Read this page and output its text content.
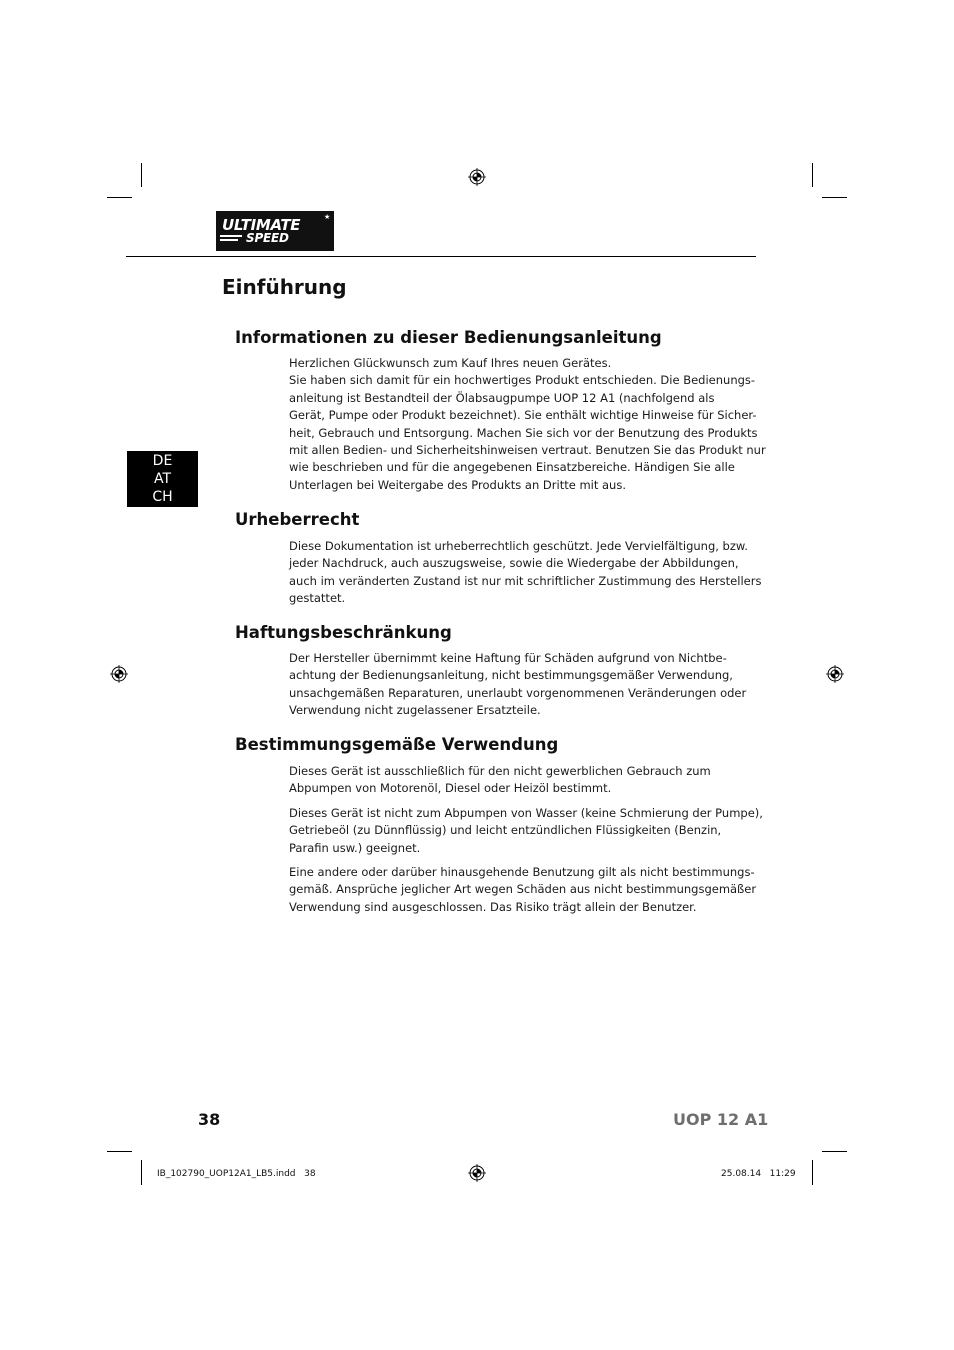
ULTIMATE
SPEED
★
Einführung
DE
AT
CH
Informationen zu dieser Bedienungsanleitung
Herzlichen Glückwunsch zum Kauf Ihres neuen Gerätes.
Sie haben sich damit für ein hochwertiges Produkt entschieden. Die Bedienungs-
anleitung ist Bestandteil der Ölabsaugpumpe UOP 12 A1 (nachfolgend als
Gerät, Pumpe oder Produkt bezeichnet). Sie enthält wichtige Hinweise für Sicher-
heit, Gebrauch und Entsorgung. Machen Sie sich vor der Benutzung des Produkts
mit allen Bedien- und Sicherheitshinweisen vertraut. Benutzen Sie das Produkt nur
wie beschrieben und für die angegebenen Einsatzbereiche. Händigen Sie alle
Unterlagen bei Weitergabe des Produkts an Dritte mit aus.
Urheberrecht
Diese Dokumentation ist urheberrechtlich geschützt. Jede Vervielfältigung, bzw.
jeder Nachdruck, auch auszugsweise, sowie die Wiedergabe der Abbildungen,
auch im veränderten Zustand ist nur mit schriftlicher Zustimmung des Herstellers
gestattet.
Haftungsbeschränkung
Der Hersteller übernimmt keine Haftung für Schäden aufgrund von Nichtbe-
achtung der Bedienungsanleitung, nicht bestimmungsgemäßer Verwendung,
unsachgemäßen Reparaturen, unerlaubt vorgenommenen Veränderungen oder
Verwendung nicht zugelassener Ersatzteile.
Bestimmungsgemäße Verwendung
Dieses Gerät ist ausschließlich für den nicht gewerblichen Gebrauch zum
Abpumpen von Motorenöl, Diesel oder Heizöl bestimmt.
Dieses Gerät ist nicht zum Abpumpen von Wasser (keine Schmierung der Pumpe),
Getriebeöl (zu Dünnflüssig) und leicht entzündlichen Flüssigkeiten (Benzin,
Parafin usw.) geeignet.
Eine andere oder darüber hinausgehende Benutzung gilt als nicht bestimmungs-
gemäß. Ansprüche jeglicher Art wegen Schäden aus nicht bestimmungsgemäßer
Verwendung sind ausgeschlossen. Das Risiko trägt allein der Benutzer.
38	UOP 12 A1
IB_102790_UOP12A1_LB5.indd   38	25.08.14   11:29
